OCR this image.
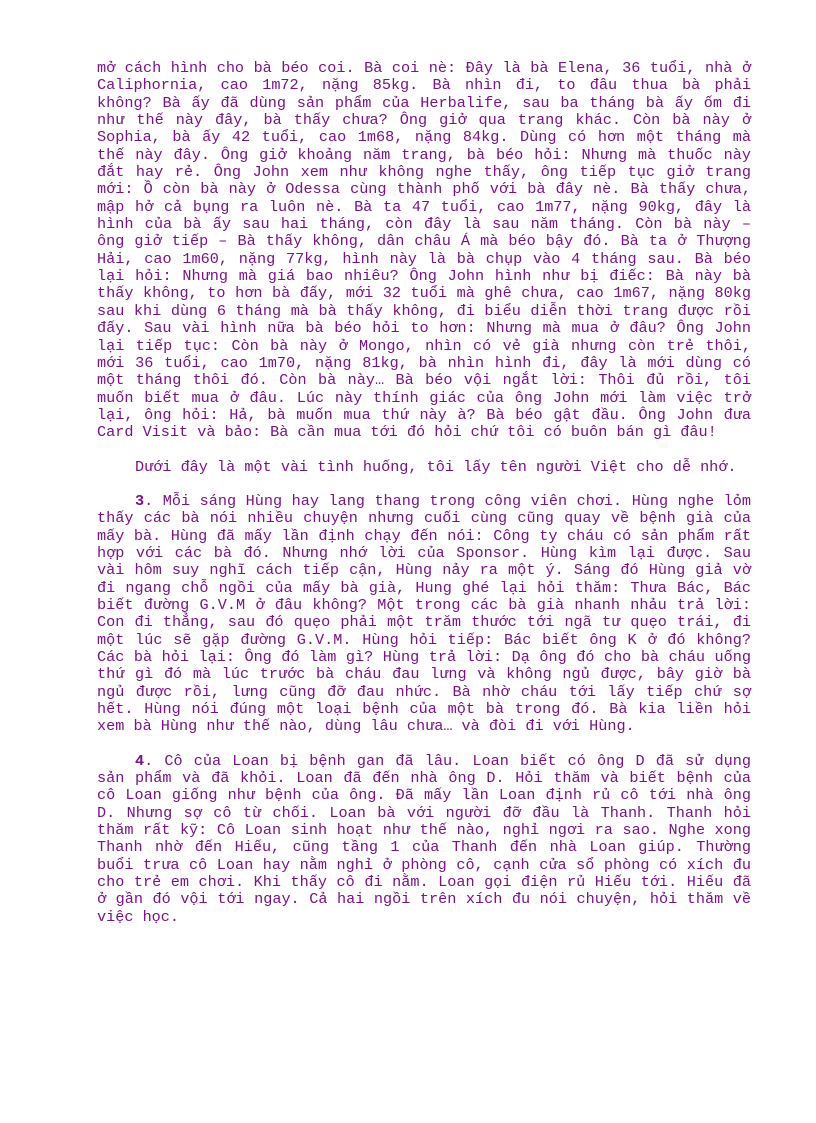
mở cách hình cho bà béo coi. Bà coi nè: Đây là bà Elena, 36 tuổi, nhà ở Caliphornia, cao 1m72, nặng 85kg. Bà nhìn đi, to đâu thua bà phải không? Bà ấy đã dùng sản phẩm của Herbalife, sau ba tháng bà ấy ốm đi như thế này đây, bà thấy chưa? Ông giở qua trang khác. Còn bà này ở Sophia, bà ấy 42 tuổi, cao 1m68, nặng 84kg. Dùng có hơn một tháng mà thế này đây. Ông giở khoảng năm trang, bà béo hỏi: Nhưng mà thuốc này đắt hay rẻ. Ông John xem như không nghe thấy, ông tiếp tục giở trang mới: Ồ còn bà này ở Odessa cùng thành phố với bà đây nè. Bà thấy chưa, mập hở cả bụng ra luôn nè. Bà ta 47 tuổi, cao 1m77, nặng 90kg, đây là hình của bà ấy sau hai tháng, còn đây là sau năm tháng. Còn bà này – ông giở tiếp – Bà thấy không, dân châu Á mà béo bậy đó. Bà ta ở Thượng Hải, cao 1m60, nặng 77kg, hình này là bà chụp vào 4 tháng sau. Bà béo lại hỏi: Nhưng mà giá bao nhiêu? Ông John hình như bị điếc: Bà này bà thấy không, to hơn bà đấy, mới 32 tuổi mà ghê chưa, cao 1m67, nặng 80kg sau khi dùng 6 tháng mà bà thấy không, đi biểu diễn thời trang được rồi đấy. Sau vài hình nữa bà béo hỏi to hơn: Nhưng mà mua ở đâu? Ông John lại tiếp tục: Còn bà này ở Mongo, nhìn có vẻ già nhưng còn trẻ thôi, mới 36 tuổi, cao 1m70, nặng 81kg, bà nhìn hình đi, đây là mới dùng có một tháng thôi đó. Còn bà này… Bà béo vội ngắt lời: Thôi đủ rồi, tôi muốn biết mua ở đâu. Lúc này thính giác của ông John mới làm việc trở lại, ông hỏi: Hả, bà muốn mua thứ này à? Bà béo gật đầu. Ông John đưa Card Visit và bảo: Bà cần mua tới đó hỏi chứ tôi có buôn bán gì đâu!

Dưới đây là một vài tình huống, tôi lấy tên người Việt cho dễ nhớ.

3. Mỗi sáng Hùng hay lang thang trong công viên chơi. Hùng nghe lỏm thấy các bà nói nhiều chuyện nhưng cuối cùng cũng quay về bệnh già của mấy bà. Hùng đã mấy lần định chạy đến nói: Công ty cháu có sản phẩm rất hợp với các bà đó. Nhưng nhớ lời của Sponsor. Hùng kìm lại được. Sau vài hôm suy nghĩ cách tiếp cận, Hùng nảy ra một ý. Sáng đó Hùng giả vờ đi ngang chỗ ngồi của mấy bà già, Hung ghé lại hỏi thăm: Thưa Bác, Bác biết đường G.V.M ở đâu không? Một trong các bà già nhanh nhảu trả lời: Con đi thẳng, sau đó quẹo phải một trăm thước tới ngã tư quẹo trái, đi một lúc sẽ gặp đường G.V.M. Hùng hỏi tiếp: Bác biết ông K ở đó không? Các bà hỏi lại: Ông đó làm gì? Hùng trả lời: Dạ ông đó cho bà cháu uống thứ gì đó mà lúc trước bà cháu đau lưng và không ngủ được, bây giờ bà ngủ được rồi, lưng cũng đỡ đau nhức. Bà nhờ cháu tới lấy tiếp chứ sợ hết. Hùng nói đúng một loại bệnh của một bà trong đó. Bà kia liền hỏi xem bà Hùng như thế nào, dùng lâu chưa… và đòi đi với Hùng.

4. Cô của Loan bị bệnh gan đã lâu. Loan biết có ông D đã sử dụng sản phẩm và đã khỏi. Loan đã đến nhà ông D. Hỏi thăm và biết bệnh của cô Loan giống như bệnh của ông. Đã mấy lần Loan định rủ cô tới nhà ông D. Nhưng sợ cô từ chối. Loan bà với người đỡ đầu là Thanh. Thanh hỏi thăm rất kỹ: Cô Loan sinh hoạt như thế nào, nghỉ ngơi ra sao. Nghe xong Thanh nhờ đến Hiếu, cũng tầng 1 của Thanh đến nhà Loan giúp. Thường buổi trưa cô Loan hay nằm nghỉ ở phòng cô, cạnh cửa sổ phòng có xích đu cho trẻ em chơi. Khi thấy cô đi nằm. Loan gọi điện rủ Hiếu tới. Hiếu đã ở gần đó vội tới ngay. Cả hai ngồi trên xích đu nói chuyện, hỏi thăm về việc học.
